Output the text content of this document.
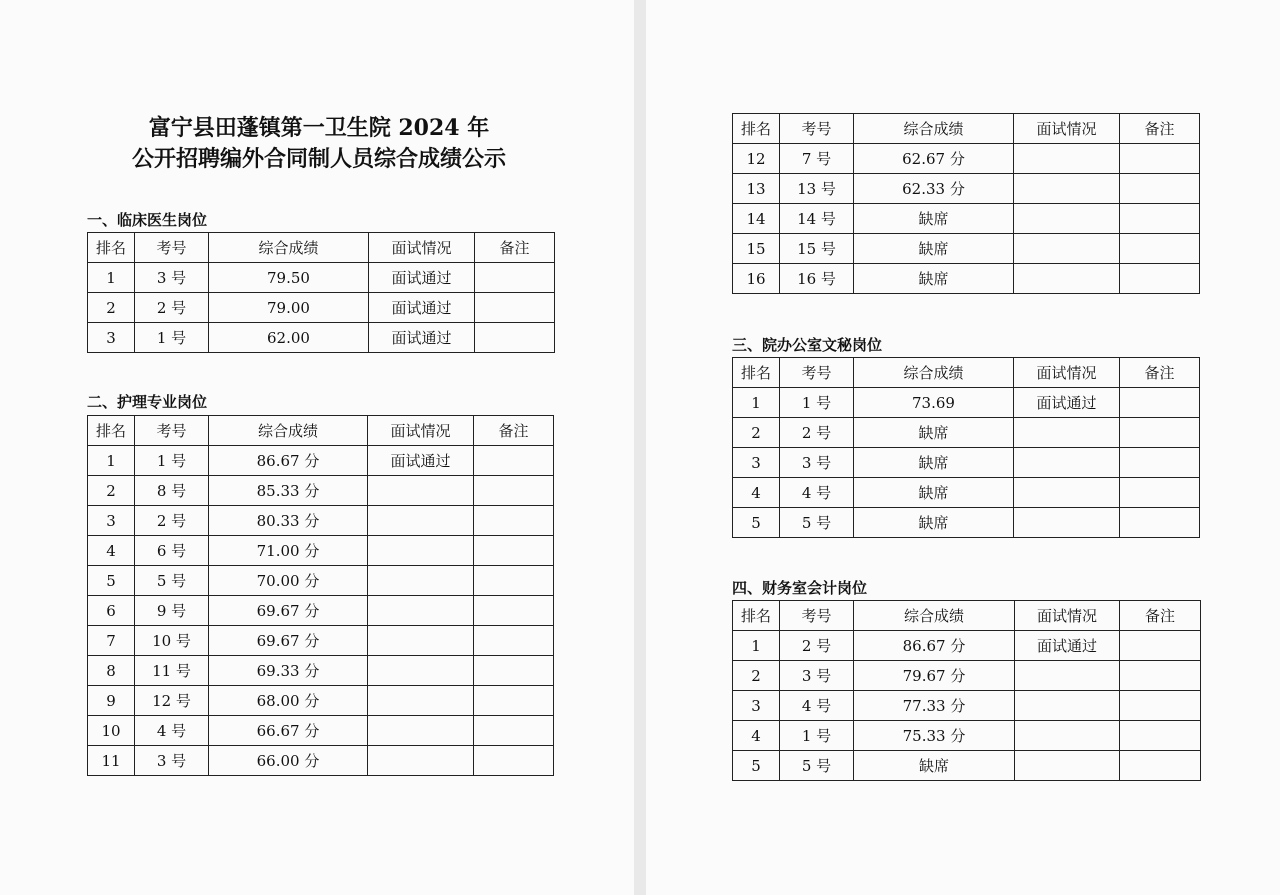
富宁县田蓬镇第一卫生院 2024 年
公开招聘编外合同制人员综合成绩公示
一、临床医生岗位
排名	考号	综合成绩	面试情况	备注
1	3 号	79.50	面试通过	
2	2 号	79.00	面试通过	
3	1 号	62.00	面试通过	
二、护理专业岗位
排名	考号	综合成绩	面试情况	备注
1	1 号	86.67 分	面试通过	
2	8 号	85.33 分		
3	2 号	80.33 分		
4	6 号	71.00 分		
5	5 号	70.00 分		
6	9 号	69.67 分		
7	10 号	69.67 分		
8	11 号	69.33 分		
9	12 号	68.00 分		
10	4 号	66.67 分		
11	3 号	66.00 分		
排名	考号	综合成绩	面试情况	备注
12	7 号	62.67 分		
13	13 号	62.33 分		
14	14 号	缺席		
15	15 号	缺席		
16	16 号	缺席		
三、院办公室文秘岗位
排名	考号	综合成绩	面试情况	备注
1	1 号	73.69	面试通过	
2	2 号	缺席		
3	3 号	缺席		
4	4 号	缺席		
5	5 号	缺席		
四、财务室会计岗位
排名	考号	综合成绩	面试情况	备注
1	2 号	86.67 分	面试通过	
2	3 号	79.67 分		
3	4 号	77.33 分		
4	1 号	75.33 分		
5	5 号	缺席		
